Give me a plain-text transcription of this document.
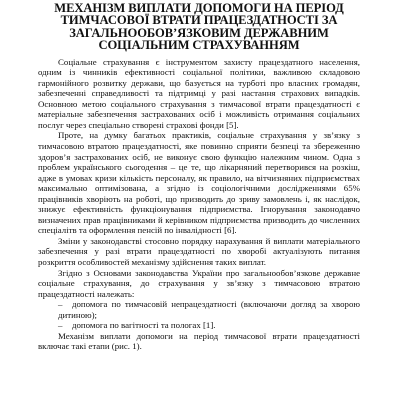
МЕХАНІЗМ ВИПЛАТИ ДОПОМОГИ НА ПЕРІОД
ТИМЧАСОВОЇ ВТРАТИ ПРАЦЕЗДАТНОСТІ ЗА
ЗАГАЛЬНООБОВ’ЯЗКОВИМ ДЕРЖАВНИМ
СОЦІАЛЬНИМ СТРАХУВАННЯМ

Соціальне страхування є інструментом захисту працездатного населення, одним із чинників ефективності соціальної політики, важливою складовою гармонійного розвитку держави, що базується на турботі про власних громадян, забезпеченні справедливості та підтримці у разі настання страхових випадків. Основною метою соціального страхування з тимчасової втрати працездатності є матеріальне забезпечення застрахованих осіб і можливість отримання соціальних послуг через спеціально створені страхові фонди [5].

Проте, на думку багатьох практиків, соціальне страхування у зв’язку з тимчасовою втратою працездатності, яке повинно сприяти безпеці та збереженню здоров’я застрахованих осіб, не виконує свою функцію належним чином. Одна з проблем українського сьогодення – це те, що лікарняний перетворився на розкіш, адже в умовах кризи кількість персоналу, як правило, на вітчизняних підприємствах максимально оптимізована, а згідно із соціологічними дослідженнями 65% працівників хворіють на роботі, що призводить до зриву замовлень і, як наслідок, знижує ефективність функціонування підприємства. Ігнорування законодавчо визначених прав працівниками й керівником підприємства призводить до численних спеціалітв та оформлення пенсій по інвалідності [6].

Зміни у законодавстві стосовно порядку нарахування й виплати матеріального забезпечення у разі втрати працездатності по хворобі актуалізують питання розкриття особливостей механізму здійснення таких виплат.

Згідно з Основами законодавства України про загальнообов’язкове державне соціальне страхування, до страхування у зв’язку з тимчасовою втратою працездатності належать:

– допомога по тимчасовій непрацездатності (включаючи догляд за хворою дитиною);

– допомога по вагітності та пологах [1].

Механізм виплати допомоги на період тимчасової втрати працездатності включає такі етапи (рис. 1).
